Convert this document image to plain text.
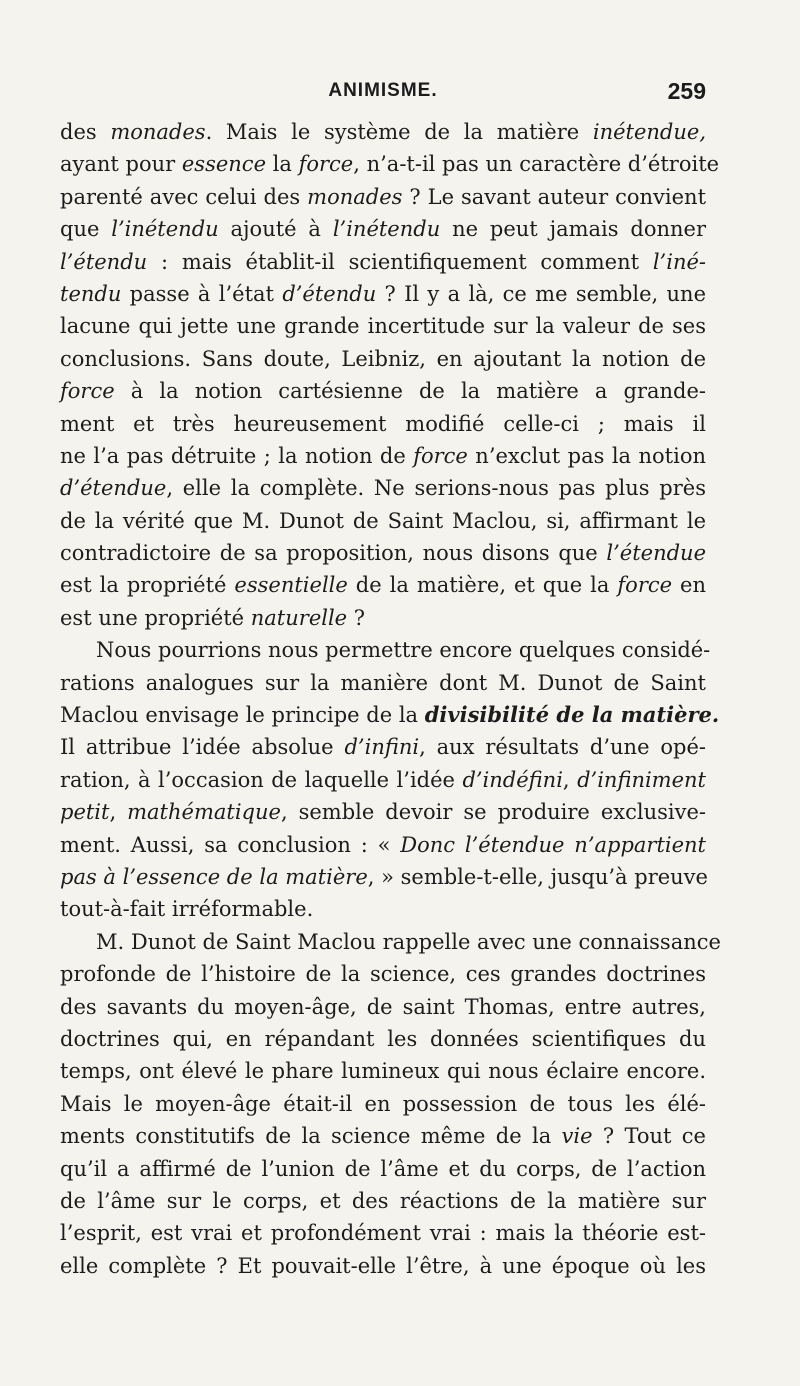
ANIMISME.	259
des monades. Mais le système de la matière inétendue,
ayant pour essence la force, n’a-t-il pas un caractère d’étroite
parenté avec celui des monades ? Le savant auteur convient
que l’inétendu ajouté à l’inétendu ne peut jamais donner
l’étendu : mais établit-il scientifiquement comment l’iné-
tendu passe à l’état d’étendu ? Il y a là, ce me semble, une
lacune qui jette une grande incertitude sur la valeur de ses
conclusions. Sans doute, Leibniz, en ajoutant la notion de
force à la notion cartésienne de la matière a grande-
ment et très heureusement modifié celle-ci ; mais il
ne l’a pas détruite ; la notion de force n’exclut pas la notion
d’étendue, elle la complète. Ne serions-nous pas plus près
de la vérité que M. Dunot de Saint Maclou, si, affirmant le
contradictoire de sa proposition, nous disons que l’étendue
est la propriété essentielle de la matière, et que la force en
est une propriété naturelle ?
Nous pourrions nous permettre encore quelques considé-
rations analogues sur la manière dont M. Dunot de Saint
Maclou envisage le principe de la divisibilité de la matière.
Il attribue l’idée absolue d’infini, aux résultats d’une opé-
ration, à l’occasion de laquelle l’idée d’indéfini, d’infiniment
petit, mathématique, semble devoir se produire exclusive-
ment. Aussi, sa conclusion : « Donc l’étendue n’appartient
pas à l’essence de la matière, » semble-t-elle, jusqu’à preuve
tout-à-fait irréformable.
M. Dunot de Saint Maclou rappelle avec une connaissance
profonde de l’histoire de la science, ces grandes doctrines
des savants du moyen-âge, de saint Thomas, entre autres,
doctrines qui, en répandant les données scientifiques du
temps, ont élevé le phare lumineux qui nous éclaire encore.
Mais le moyen-âge était-il en possession de tous les élé-
ments constitutifs de la science même de la vie ? Tout ce
qu’il a affirmé de l’union de l’âme et du corps, de l’action
de l’âme sur le corps, et des réactions de la matière sur
l’esprit, est vrai et profondément vrai : mais la théorie est-
elle complète ? Et pouvait-elle l’être, à une époque où les
